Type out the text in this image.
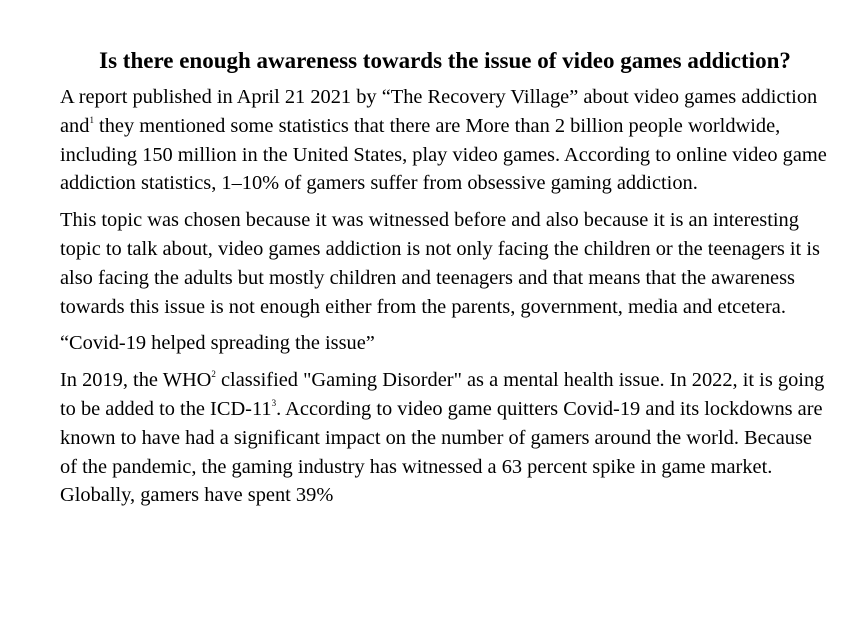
Is there enough awareness towards the issue of video games addiction?

A report published in April 21 2021 by “The Recovery Village” about video games addiction and$^1$ they mentioned some statistics that there are More than 2 billion people worldwide, including 150 million in the United States, play video games. According to online video game addiction statistics, 1–10% of gamers suffer from obsessive gaming addiction.

This topic was chosen because it was witnessed before and also because it is an interesting topic to talk about, video games addiction is not only facing the children or the teenagers it is also facing the adults but mostly children and teenagers and that means that the awareness towards this issue is not enough either from the parents, government, media and etcetera.

“Covid-19 helped spreading the issue”

In 2019, the WHO$^2$ classified "Gaming Disorder" as a mental health issue. In 2022, it is going to be added to the ICD-$11^3$. According to video game quitters Covid-19 and its lockdowns are known to have had a significant impact on the number of gamers around the world. Because of the pandemic, the gaming industry has witnessed a 63 percent spike in game market. Globally, gamers have spent 39%
